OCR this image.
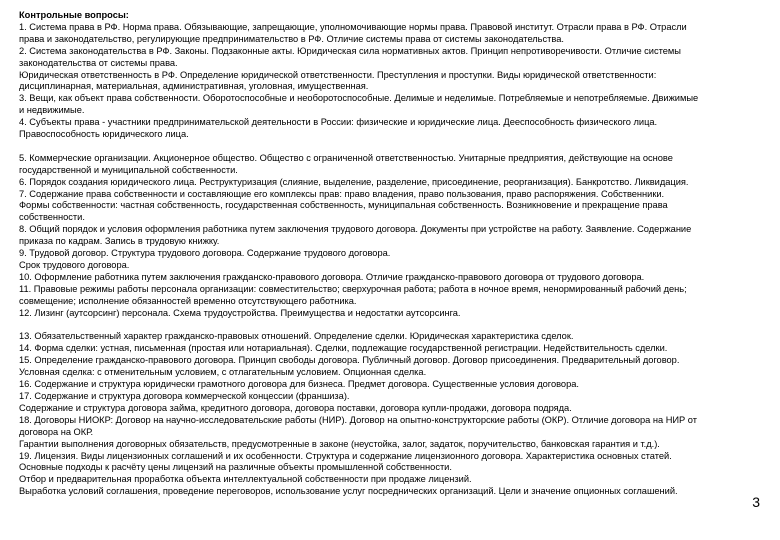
Контрольные вопросы:
1. Система права в РФ. Норма права. Обязывающие, запрещающие, уполномочивающие нормы права. Правовой институт. Отрасли права в РФ. Отрасли
права и законодательство, регулирующие предпринимательство в РФ. Отличие системы права от системы законодательства.
2. Система законодательства в РФ. Законы. Подзаконные акты. Юридическая сила нормативных актов. Принцип непротиворечивости. Отличие системы
законодательства от системы права.
Юридическая ответственность в РФ. Определение юридической ответственности. Преступления и проступки. Виды юридической ответственности:
дисциплинарная, материальная, административная, уголовная, имущественная.
3. Вещи, как объект права собственности. Оборотоспособные и необоротоспособные. Делимые и неделимые. Потребляемые и непотребляемые. Движимые
и недвижимые.
4. Субъекты права - участники предпринимательской деятельности в России: физические и юридические лица. Дееспособность физического лица.
Правоспособность юридического лица.
5. Коммерческие организации. Акционерное общество. Общество с ограниченной ответственностью. Унитарные предприятия, действующие на основе
государственной и муниципальной собственности.
6. Порядок создания юридического лица. Реструктуризация (слияние, выделение, разделение, присоединение, реорганизация). Банкротство. Ликвидация.
7. Содержание права собственности и составляющие его комплексы прав: право владения, право пользования, право распоряжения. Собственники.
Формы собственности: частная собственность, государственная собственность, муниципальная собственность. Возникновение и прекращение права
собственности.
8. Общий порядок и условия оформления работника путем заключения трудового договора. Документы при устройстве на работу. Заявление. Содержание
приказа по кадрам. Запись в трудовую книжку.
9. Трудовой договор. Структура трудового договора. Содержание трудового договора.
Срок трудового договора.
10. Оформление работника путем заключения гражданско-правового договора. Отличие гражданско-правового договора от трудового договора.
11. Правовые режимы работы персонала организации: совместительство; сверхурочная работа; работа в ночное время, ненормированный рабочий день;
совмещение; исполнение обязанностей временно отсутствующего работника.
12. Лизинг (аутсорсинг) персонала. Схема трудоустройства. Преимущества и недостатки аутсорсинга.
13. Обязательственный характер гражданско-правовых отношений. Определение сделки. Юридическая характеристика сделок.
14. Форма сделки: устная, письменная (простая или нотариальная). Сделки, подлежащие государственной регистрации. Недействительность сделки.
15. Определение гражданско-правового договора. Принцип свободы договора. Публичный договор. Договор присоединения. Предварительный договор.
Условная сделка: с отменительным условием, с отлагательным условием. Опционная сделка.
16. Содержание и структура юридически грамотного договора для бизнеса. Предмет договора. Существенные условия договора.
17. Содержание и структура договора коммерческой концессии (франшиза).
Содержание и структура договора займа, кредитного договора, договора поставки, договора купли-продажи, договора подряда.
18. Договоры НИОКР: Договор на научно-исследовательские работы (НИР). Договор на опытно-конструкторские работы (ОКР). Отличие договора на НИР от
договора на ОКР.
Гарантии выполнения договорных обязательств, предусмотренные в законе (неустойка, залог, задаток, поручительство, банковская гарантия и т.д.).
19. Лицензия. Виды лицензионных соглашений и их особенности. Структура и содержание лицензионного договора. Характеристика основных статей.
Основные подходы к расчёту цены лицензий на различные объекты промышленной собственности.
Отбор и предварительная проработка объекта интеллектуальной собственности при продаже лицензий.
Выработка условий соглашения, проведение переговоров, использование услуг посреднических организаций. Цели и значение опционных соглашений.
3
